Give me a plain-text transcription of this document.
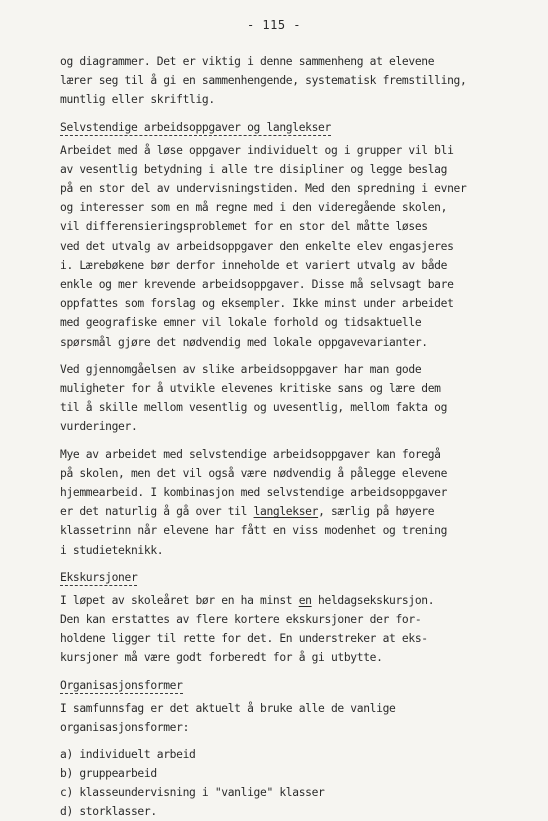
- 115 -

og diagrammer. Det er viktig i denne sammenheng at elevene
lærer seg til å gi en sammenhengende, systematisk fremstilling,
muntlig eller skriftlig.

Selvstendige arbeidsoppgaver og langlekser

Arbeidet med å løse oppgaver individuelt og i grupper vil bli
av vesentlig betydning i alle tre disipliner og legge beslag
på en stor del av undervisningstiden. Med den spredning i evner
og interesser som en må regne med i den videregående skolen,
vil differensieringsproblemet for en stor del måtte løses
ved det utvalg av arbeidsoppgaver den enkelte elev engasjeres
i. Lærebøkene bør derfor inneholde et variert utvalg av både
enkle og mer krevende arbeidsoppgaver. Disse må selvsagt bare
oppfattes som forslag og eksempler. Ikke minst under arbeidet
med geografiske emner vil lokale forhold og tidsaktuelle
spørsmål gjøre det nødvendig med lokale oppgavevarianter.

Ved gjennomgåelsen av slike arbeidsoppgaver har man gode
muligheter for å utvikle elevenes kritiske sans og lære dem
til å skille mellom vesentlig og uvesentlig, mellom fakta og
vurderinger.

Mye av arbeidet med selvstendige arbeidsoppgaver kan foregå
på skolen, men det vil også være nødvendig å pålegge elevene
hjemmearbeid. I kombinasjon med selvstendige arbeidsoppgaver
er det naturlig å gå over til langlekser, særlig på høyere
klassetrinn når elevene har fått en viss modenhet og trening
i studieteknikk.

Ekskursjoner

I løpet av skoleåret bør en ha minst en heldagsekskursjon.
Den kan erstattes av flere kortere ekskursjoner der for-
holdene ligger til rette for det. En understreker at eks-
kursjoner må være godt forberedt for å gi utbytte.

Organisasjonsformer

I samfunnsfag er det aktuelt å bruke alle de vanlige
organisasjonsformer:

a) individuelt arbeid
b) gruppearbeid
c) klasseundervisning i "vanlige" klasser
d) storklasser.
